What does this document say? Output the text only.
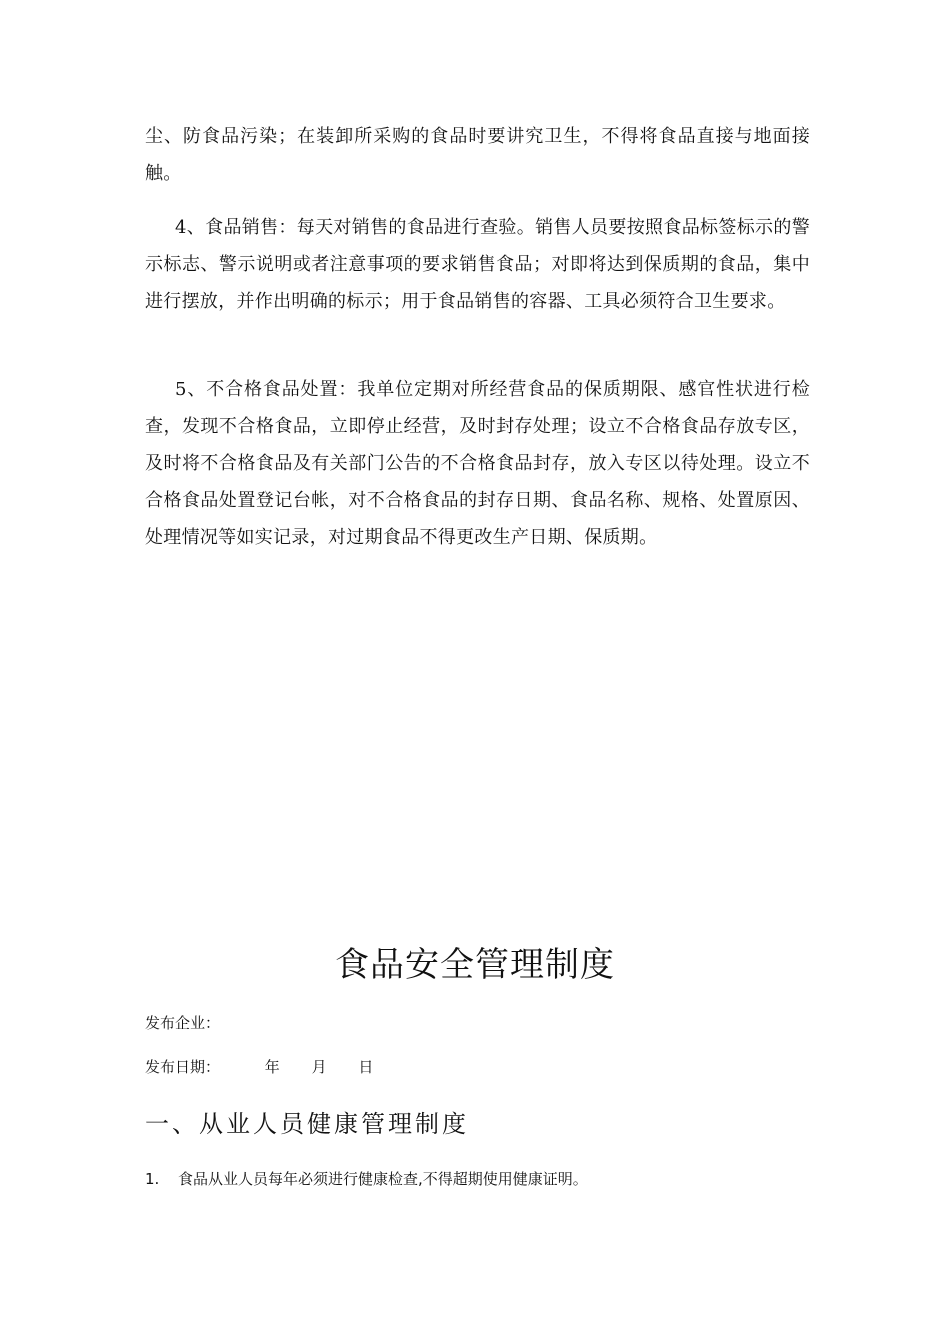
尘、防食品污染；在装卸所采购的食品时要讲究卫生，不得将食品直接与地面接触。

4、食品销售：每天对销售的食品进行查验。销售人员要按照食品标签标示的警示标志、警示说明或者注意事项的要求销售食品；对即将达到保质期的食品，集中进行摆放，并作出明确的标示；用于食品销售的容器、工具必须符合卫生要求。

5、不合格食品处置：我单位定期对所经营食品的保质期限、感官性状进行检查，发现不合格食品，立即停止经营，及时封存处理；设立不合格食品存放专区，及时将不合格食品及有关部门公告的不合格食品封存，放入专区以待处理。设立不合格食品处置登记台帐，对不合格食品的封存日期、食品名称、规格、处置原因、处理情况等如实记录，对过期食品不得更改生产日期、保质期。

食品安全管理制度

发布企业：

发布日期：	年 月 日

一、从业人员健康管理制度

1. 食品从业人员每年必须进行健康检查,不得超期使用健康证明。
